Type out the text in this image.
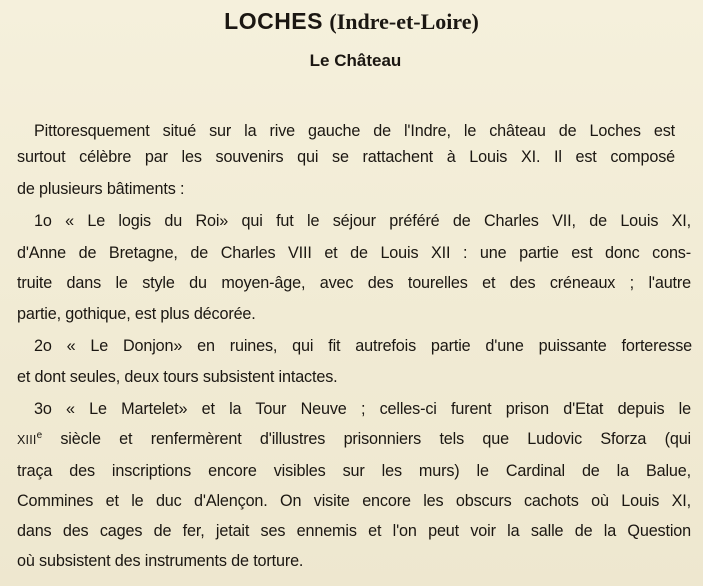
LOCHES (Indre-et-Loire)
Le Château
Pittoresquement situé sur la rive gauche de l'Indre, le château de Loches est
surtout célèbre par les souvenirs qui se rattachent à Louis XI. Il est composé
de plusieurs bâtiments :
1o « Le logis du Roi» qui fut le séjour préféré de Charles VII, de Louis XI,
d'Anne de Bretagne, de Charles VIII et de Louis XII : une partie est donc cons-
truite dans le style du moyen-âge, avec des tourelles et des créneaux ; l'autre
partie, gothique, est plus décorée.
2o « Le Donjon» en ruines, qui fit autrefois partie d'une puissante forteresse
et dont seules, deux tours subsistent intactes.
3o « Le Martelet» et la Tour Neuve ; celles-ci furent prison d'Etat depuis le
XIIIe siècle et renfermèrent d'illustres prisonniers tels que Ludovic Sforza (qui
traça des inscriptions encore visibles sur les murs) le Cardinal de la Balue,
Commines et le duc d'Alençon. On visite encore les obscurs cachots où Louis XI,
dans des cages de fer, jetait ses ennemis et l'on peut voir la salle de la Question
où subsistent des instruments de torture.
